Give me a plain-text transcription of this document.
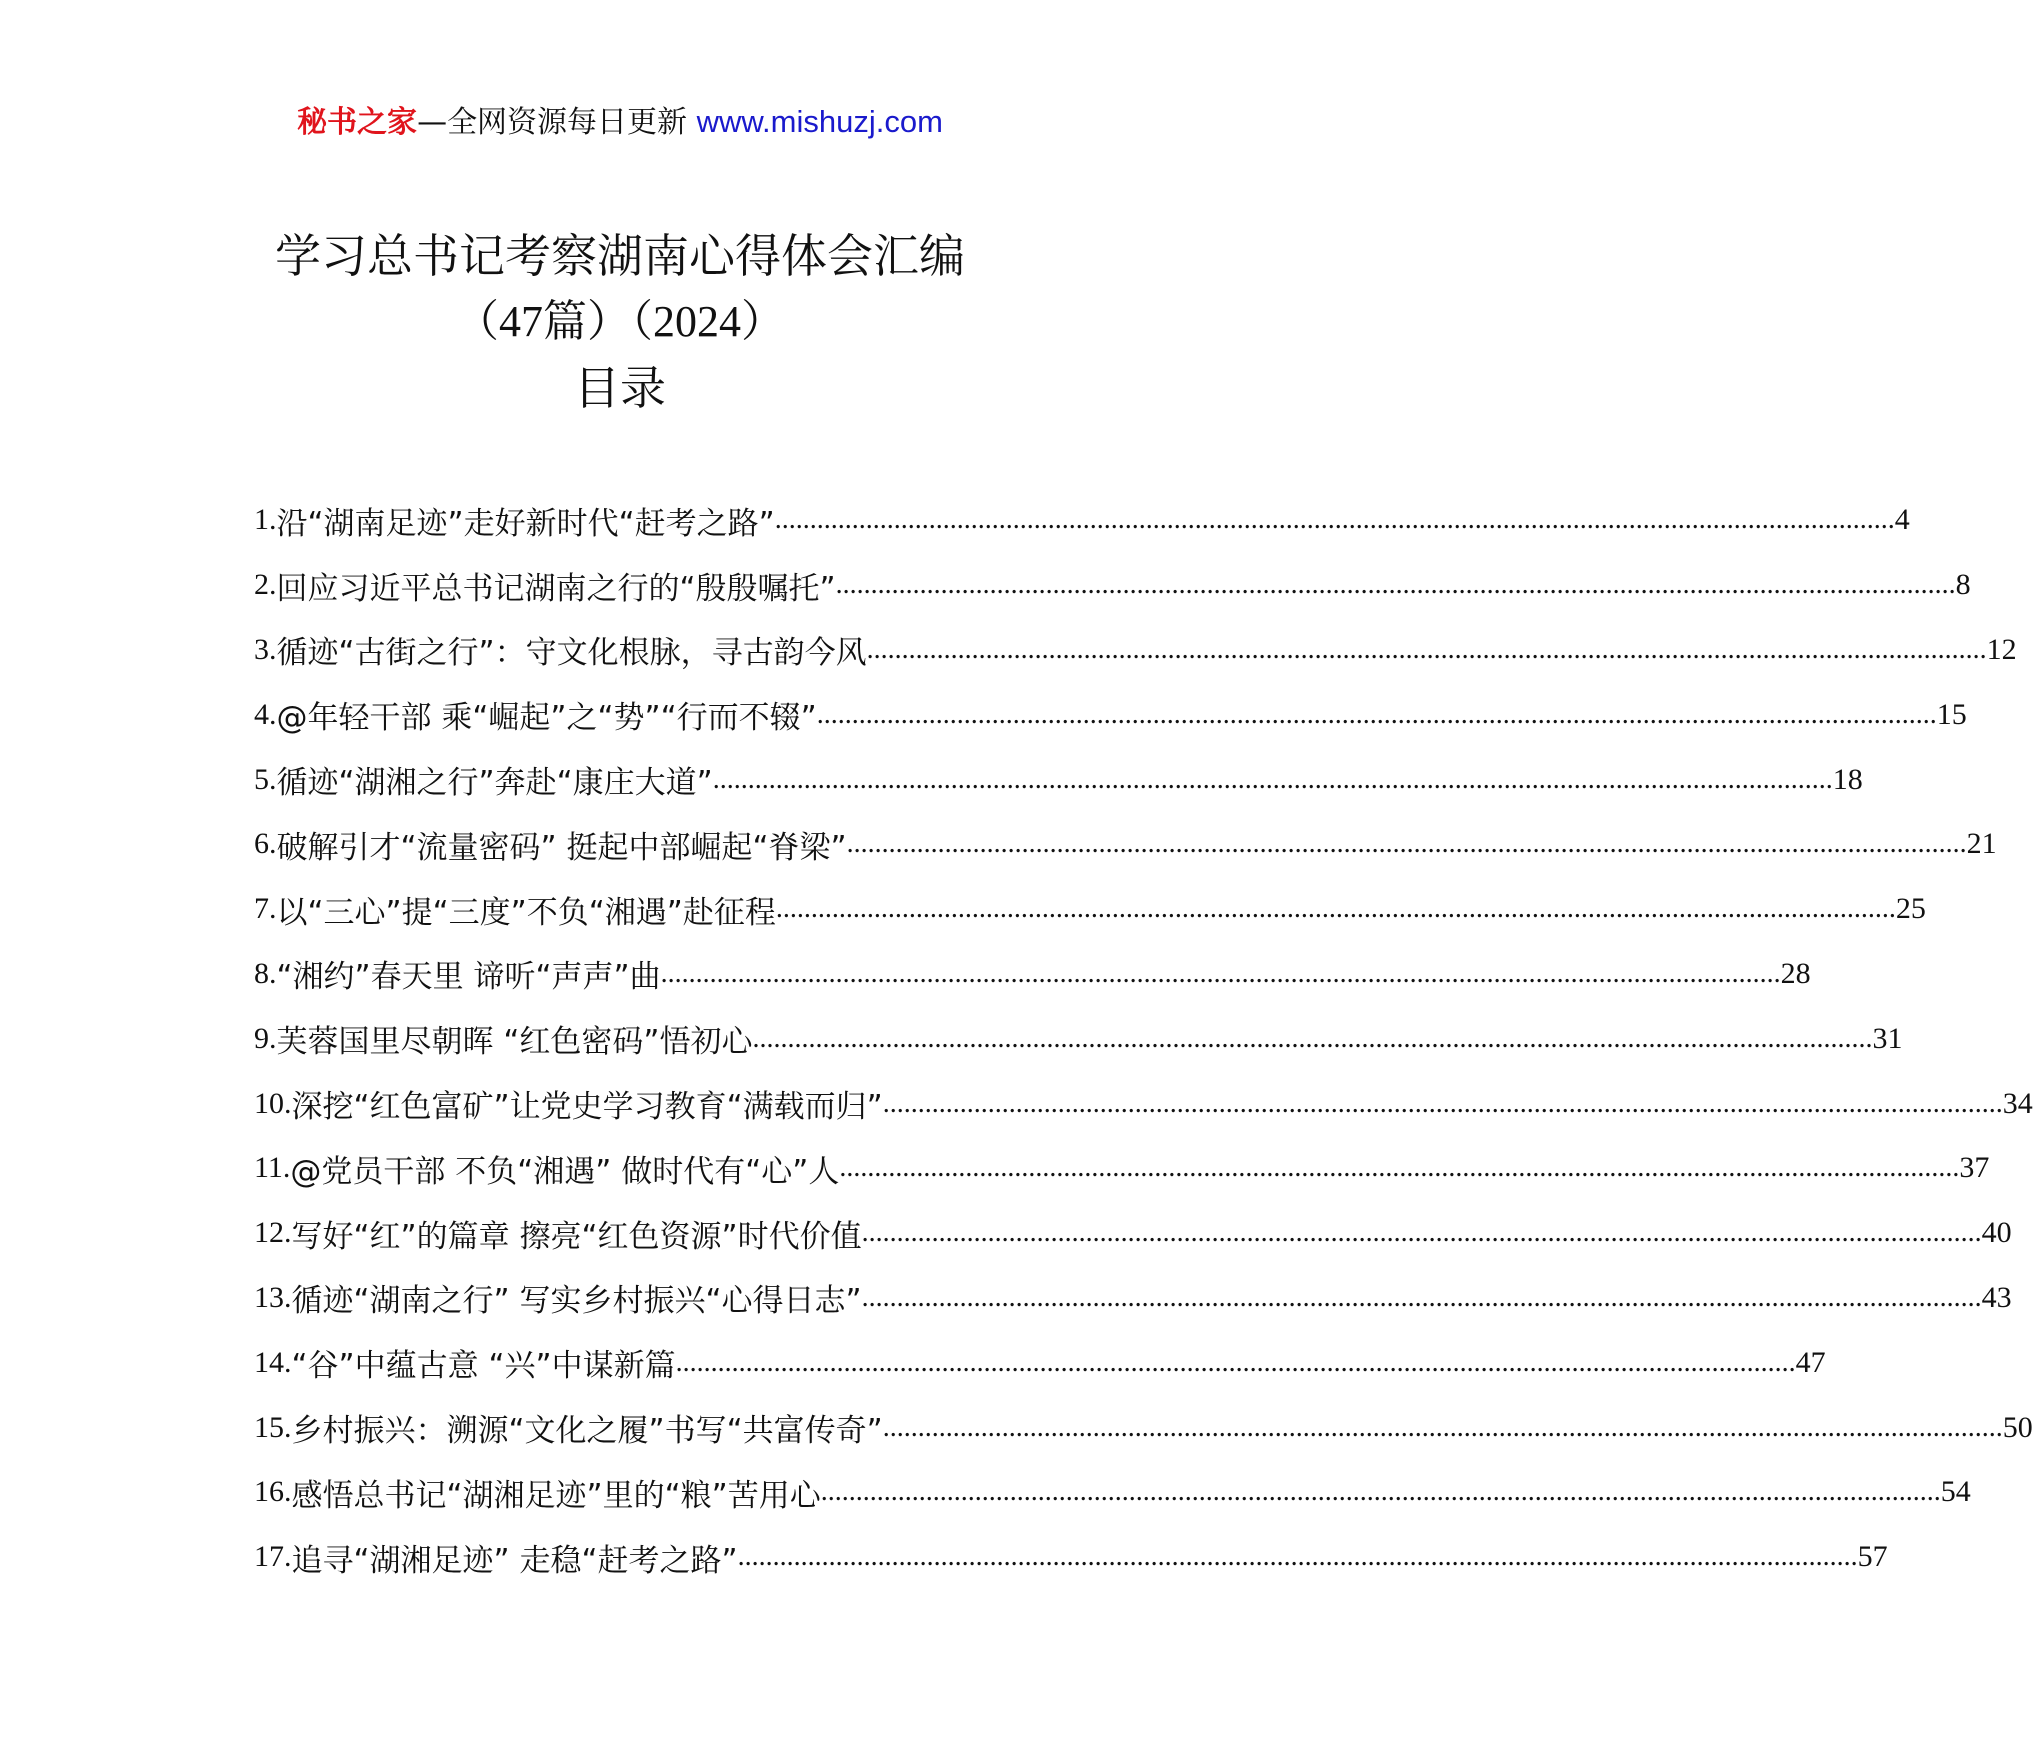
秘书之家—全网资源每日更新 www.mishuzj.com
学习总书记考察湖南心得体会汇编
（47篇）（2024）
目录
1. 沿“湖南足迹”走好新时代“赶考之路” ................................................................................................................................................................ 4
2. 回应习近平总书记湖南之行的“殷殷嘱托” ................................................................................................................................................................ 8
3. 循迹“古街之行”：守文化根脉，寻古韵今风 ................................................................................................................................................................ 12
4. @年轻干部 乘“崛起”之“势”“行而不辍” ................................................................................................................................................................ 15
5. 循迹“湖湘之行”奔赴“康庄大道” ................................................................................................................................................................ 18
6. 破解引才“流量密码” 挺起中部崛起“脊梁” ................................................................................................................................................................ 21
7. 以“三心”提“三度”不负“湘遇”赴征程 ................................................................................................................................................................ 25
8. “湘约”春天里 谛听“声声”曲 ................................................................................................................................................................ 28
9. 芙蓉国里尽朝晖 “红色密码”悟初心 ................................................................................................................................................................ 31
10. 深挖“红色富矿”让党史学习教育“满载而归” ................................................................................................................................................................ 34
11. @党员干部 不负“湘遇” 做时代有“心”人 ................................................................................................................................................................ 37
12. 写好“红”的篇章 擦亮“红色资源”时代价值 ................................................................................................................................................................ 40
13. 循迹“湖南之行” 写实乡村振兴“心得日志” ................................................................................................................................................................ 43
14. “谷”中蕴古意 “兴”中谋新篇 ................................................................................................................................................................ 47
15. 乡村振兴：溯源“文化之履”书写“共富传奇” ................................................................................................................................................................ 50
16. 感悟总书记“湖湘足迹”里的“粮”苦用心 ................................................................................................................................................................ 54
17. 追寻“湖湘足迹” 走稳“赶考之路” ................................................................................................................................................................ 57
